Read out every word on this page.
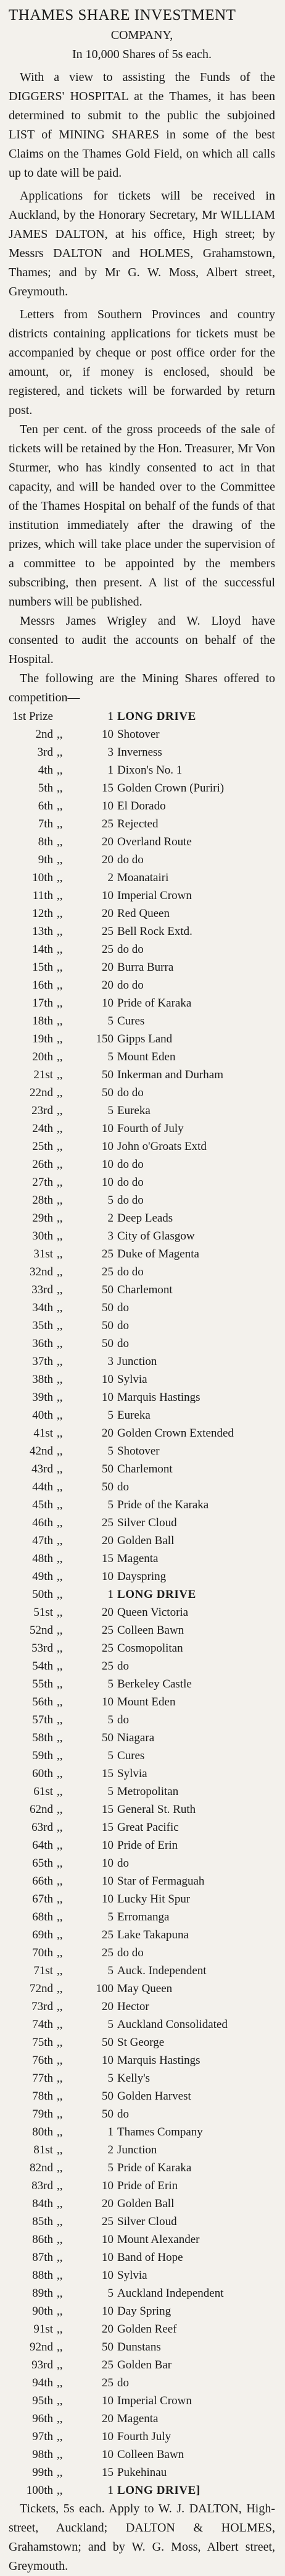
THAMES SHARE INVESTMENT

COMPANY,

In 10,000 Shares of 5s each.

With a view to assisting the Funds of the DIGGERS' HOSPITAL at the Thames, it has been determined to submit to the public the subjoined LIST of MINING SHARES in some of the best Claims on the Thames Gold Field, on which all calls up to date will be paid.

Applications for tickets will be received in Auckland, by the Honorary Secretary, Mr WILLIAM JAMES DALTON, at his office, High street; by Messrs DALTON and HOLMES, Grahamstown, Thames; and by Mr G. W. Moss, Albert street, Greymouth.

Letters from Southern Provinces and country districts containing applications for tickets must be accompanied by cheque or post office order for the amount, or, if money is enclosed, should be registered, and tickets will be forwarded by return post.

Ten per cent. of the gross proceeds of the sale of tickets will be retained by the Hon. Treasurer, Mr Von Sturmer, who has kindly consented to act in that capacity, and will be handed over to the Committee of the Thames Hospital on behalf of the funds of that institution immediately after the drawing of the prizes, which will take place under the supervision of a committee to be appointed by the members subscribing, then present. A list of the successful numbers will be published.

Messrs James Wrigley and W. Lloyd have consented to audit the accounts on behalf of the Hospital.

The following are the Mining Shares offered to competition—

1st Prize		1	LONG DRIVE
2nd	,,	10	Shotover
3rd	,,	3	Inverness
4th	,,	1	Dixon's No. 1
5th	,,	15	Golden Crown (Puriri)
6th	,,	10	El Dorado
7th	,,	25	Rejected
8th	,,	20	Overland Route
9th	,,	20	do do
10th	,,	2	Moanatairi
11th	,,	10	Imperial Crown
12th	,,	20	Red Queen
13th	,,	25	Bell Rock Extd.
14th	,,	25	do do
15th	,,	20	Burra Burra
16th	,,	20	do do
17th	,,	10	Pride of Karaka
18th	,,	5	Cures
19th	,,	150	Gipps Land
20th	,,	5	Mount Eden
21st	,,	50	Inkerman and Durham
22nd	,,	50	do do
23rd	,,	5	Eureka
24th	,,	10	Fourth of July
25th	,,	10	John o'Groats Extd
26th	,,	10	do do
27th	,,	10	do do
28th	,,	5	do do
29th	,,	2	Deep Leads
30th	,,	3	City of Glasgow
31st	,,	25	Duke of Magenta
32nd	,,	25	do do
33rd	,,	50	Charlemont
34th	,,	50	do
35th	,,	50	do
36th	,,	50	do
37th	,,	3	Junction
38th	,,	10	Sylvia
39th	,,	10	Marquis Hastings
40th	,,	5	Eureka
41st	,,	20	Golden Crown Extended
42nd	,,	5	Shotover
43rd	,,	50	Charlemont
44th	,,	50	do
45th	,,	5	Pride of the Karaka
46th	,,	25	Silver Cloud
47th	,,	20	Golden Ball
48th	,,	15	Magenta
49th	,,	10	Dayspring
50th	,,	1	LONG DRIVE
51st	,,	20	Queen Victoria
52nd	,,	25	Colleen Bawn
53rd	,,	25	Cosmopolitan
54th	,,	25	do
55th	,,	5	Berkeley Castle
56th	,,	10	Mount Eden
57th	,,	5	do
58th	,,	50	Niagara
59th	,,	5	Cures
60th	,,	15	Sylvia
61st	,,	5	Metropolitan
62nd	,,	15	General St. Ruth
63rd	,,	15	Great Pacific
64th	,,	10	Pride of Erin
65th	,,	10	do
66th	,,	10	Star of Fermaguah
67th	,,	10	Lucky Hit Spur
68th	,,	5	Erromanga
69th	,,	25	Lake Takapuna
70th	,,	25	do do
71st	,,	5	Auck. Independent
72nd	,,	100	May Queen
73rd	,,	20	Hector
74th	,,	5	Auckland Consolidated
75th	,,	50	St George
76th	,,	10	Marquis Hastings
77th	,,	5	Kelly's
78th	,,	50	Golden Harvest
79th	,,	50	do
80th	,,	1	Thames Company
81st	,,	2	Junction
82nd	,,	5	Pride of Karaka
83rd	,,	10	Pride of Erin
84th	,,	20	Golden Ball
85th	,,	25	Silver Cloud
86th	,,	10	Mount Alexander
87th	,,	10	Band of Hope
88th	,,	10	Sylvia
89th	,,	5	Auckland Independent
90th	,,	10	Day Spring
91st	,,	20	Golden Reef
92nd	,,	50	Dunstans
93rd	,,	25	Golden Bar
94th	,,	25	do
95th	,,	10	Imperial Crown
96th	,,	20	Magenta
97th	,,	10	Fourth July
98th	,,	10	Colleen Bawn
99th	,,	15	Pukehinau
100th	,,	1	LONG DRIVE]

Tickets, 5s each. Apply to W. J. DALTON, High-street, Auckland; DALTON & HOLMES, Grahamstown; and by W. G. Moss, Albert street, Greymouth.
